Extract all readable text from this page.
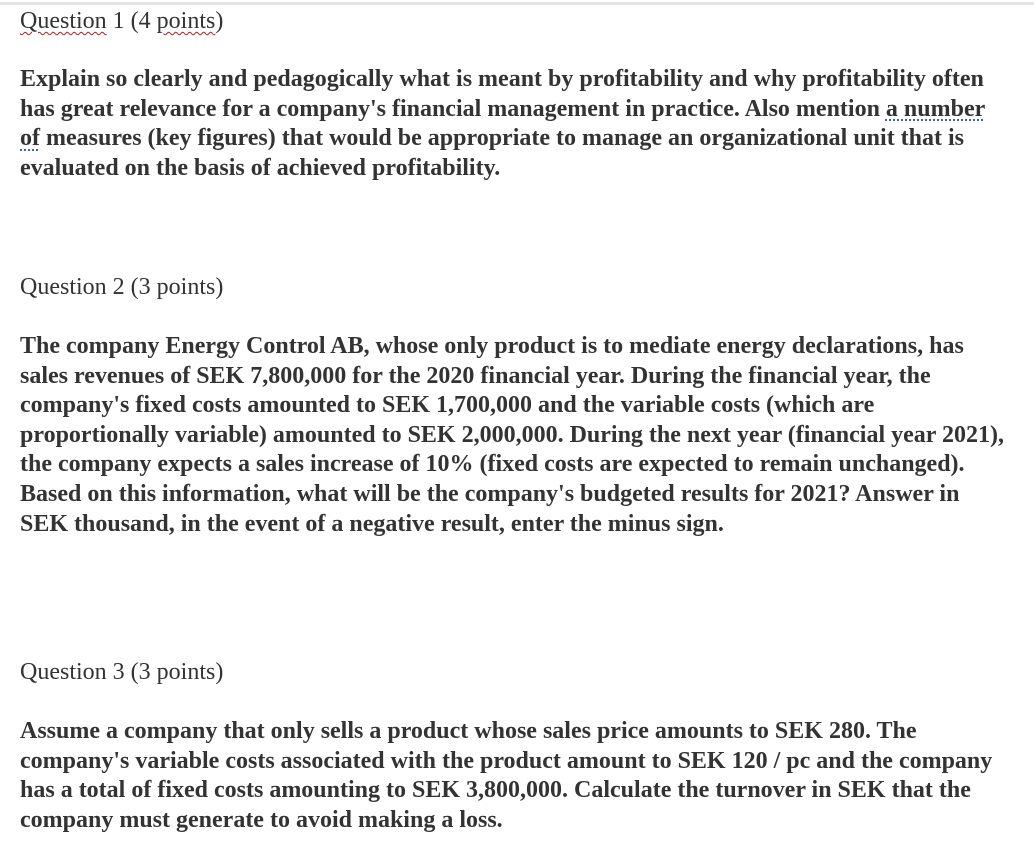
Question 1 (4 points)

Explain so clearly and pedagogically what is meant by profitability and why profitability often has great relevance for a company's financial management in practice. Also mention a number of measures (key figures) that would be appropriate to manage an organizational unit that is evaluated on the basis of achieved profitability.

Question 2 (3 points)

The company Energy Control AB, whose only product is to mediate energy declarations, has sales revenues of SEK 7,800,000 for the 2020 financial year. During the financial year, the company's fixed costs amounted to SEK 1,700,000 and the variable costs (which are proportionally variable) amounted to SEK 2,000,000. During the next year (financial year 2021), the company expects a sales increase of 10% (fixed costs are expected to remain unchanged). Based on this information, what will be the company's budgeted results for 2021? Answer in SEK thousand, in the event of a negative result, enter the minus sign.

Question 3 (3 points)

Assume a company that only sells a product whose sales price amounts to SEK 280. The company's variable costs associated with the product amount to SEK 120 / pc and the company has a total of fixed costs amounting to SEK 3,800,000. Calculate the turnover in SEK that the company must generate to avoid making a loss.
